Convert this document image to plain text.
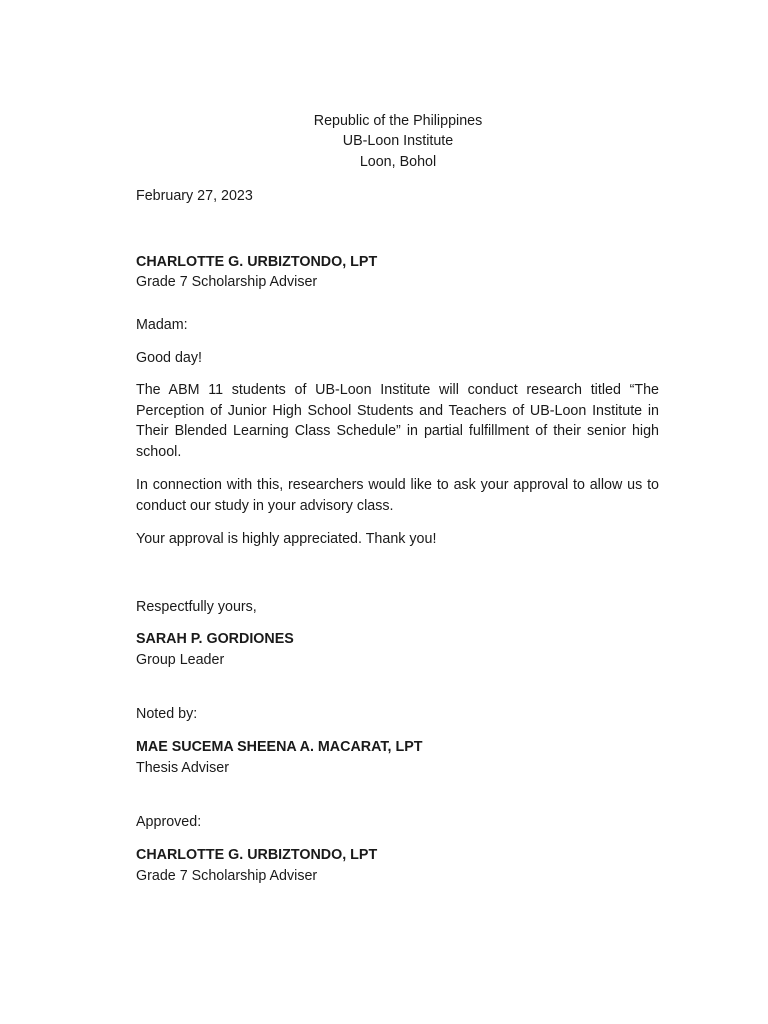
Republic of the Philippines
UB-Loon Institute
Loon, Bohol
February 27, 2023
CHARLOTTE G. URBIZTONDO, LPT
Grade 7 Scholarship Adviser
Madam:
Good day!
The ABM 11 students of UB-Loon Institute will conduct research titled “The Perception of Junior High School Students and Teachers of UB-Loon Institute in Their Blended Learning Class Schedule” in partial fulfillment of their senior high school.
In connection with this, researchers would like to ask your approval to allow us to conduct our study in your advisory class.
Your approval is highly appreciated. Thank you!
Respectfully yours,
SARAH P. GORDIONES
Group Leader
Noted by:
MAE SUCEMA SHEENA A. MACARAT, LPT
Thesis Adviser
Approved:
CHARLOTTE G. URBIZTONDO, LPT
Grade 7 Scholarship Adviser
